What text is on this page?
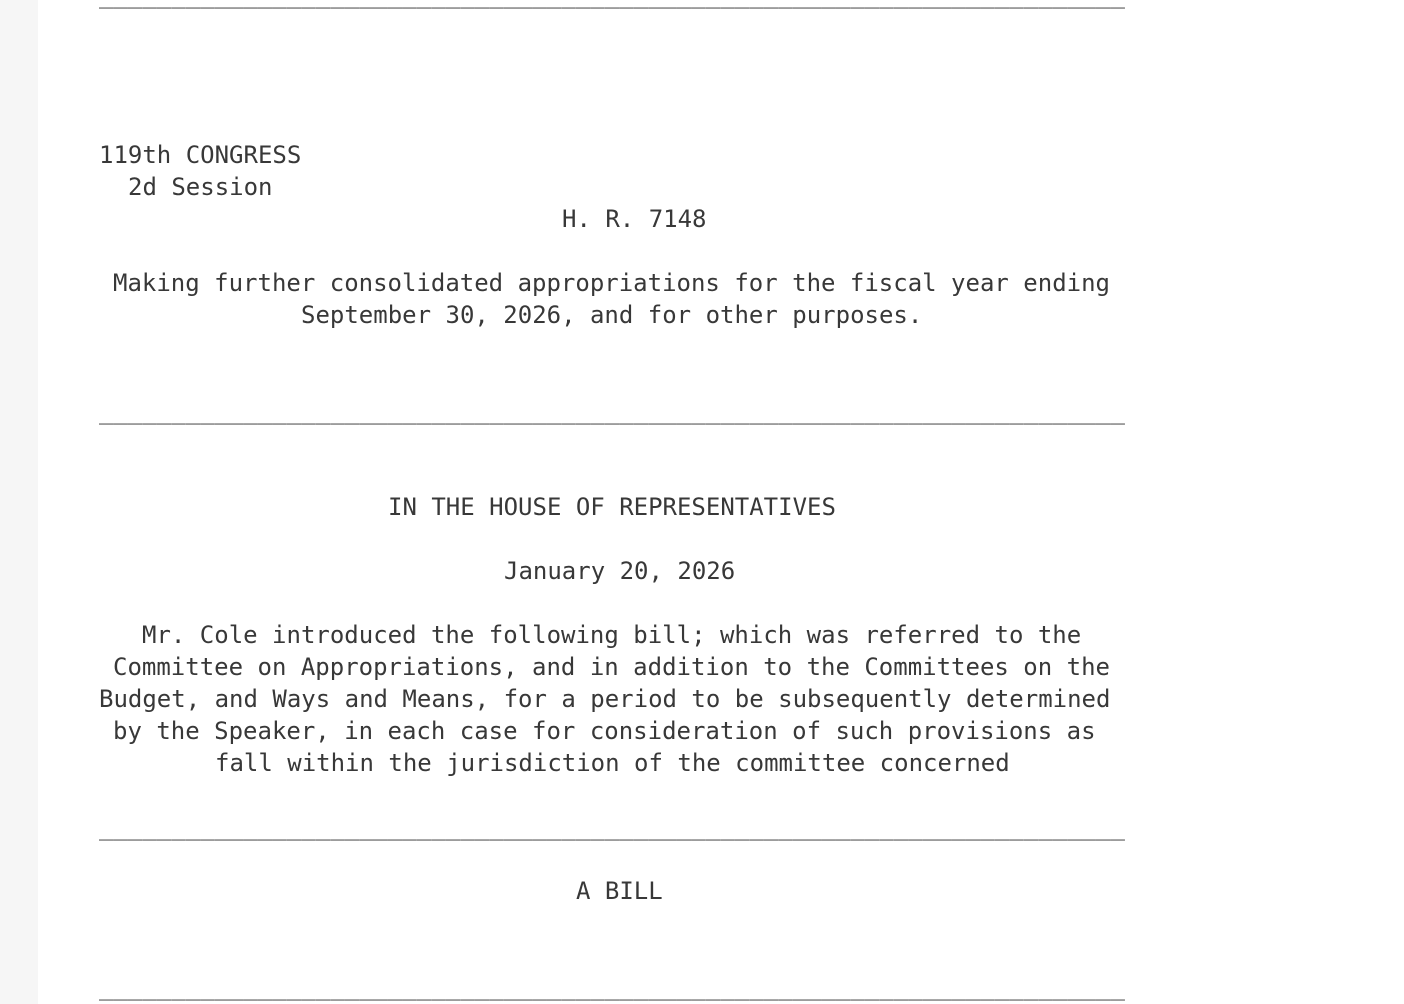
119th CONGRESS
2d Session
H. R. 7148
Making further consolidated appropriations for the fiscal year ending
September 30, 2026, and for other purposes.
_______________________________________________________________________
IN THE HOUSE OF REPRESENTATIVES
January 20, 2026
Mr. Cole introduced the following bill; which was referred to the
Committee on Appropriations, and in addition to the Committees on the
Budget, and Ways and Means, for a period to be subsequently determined
by the Speaker, in each case for consideration of such provisions as
fall within the jurisdiction of the committee concerned
_______________________________________________________________________
A BILL
_______________________________________________________________________
